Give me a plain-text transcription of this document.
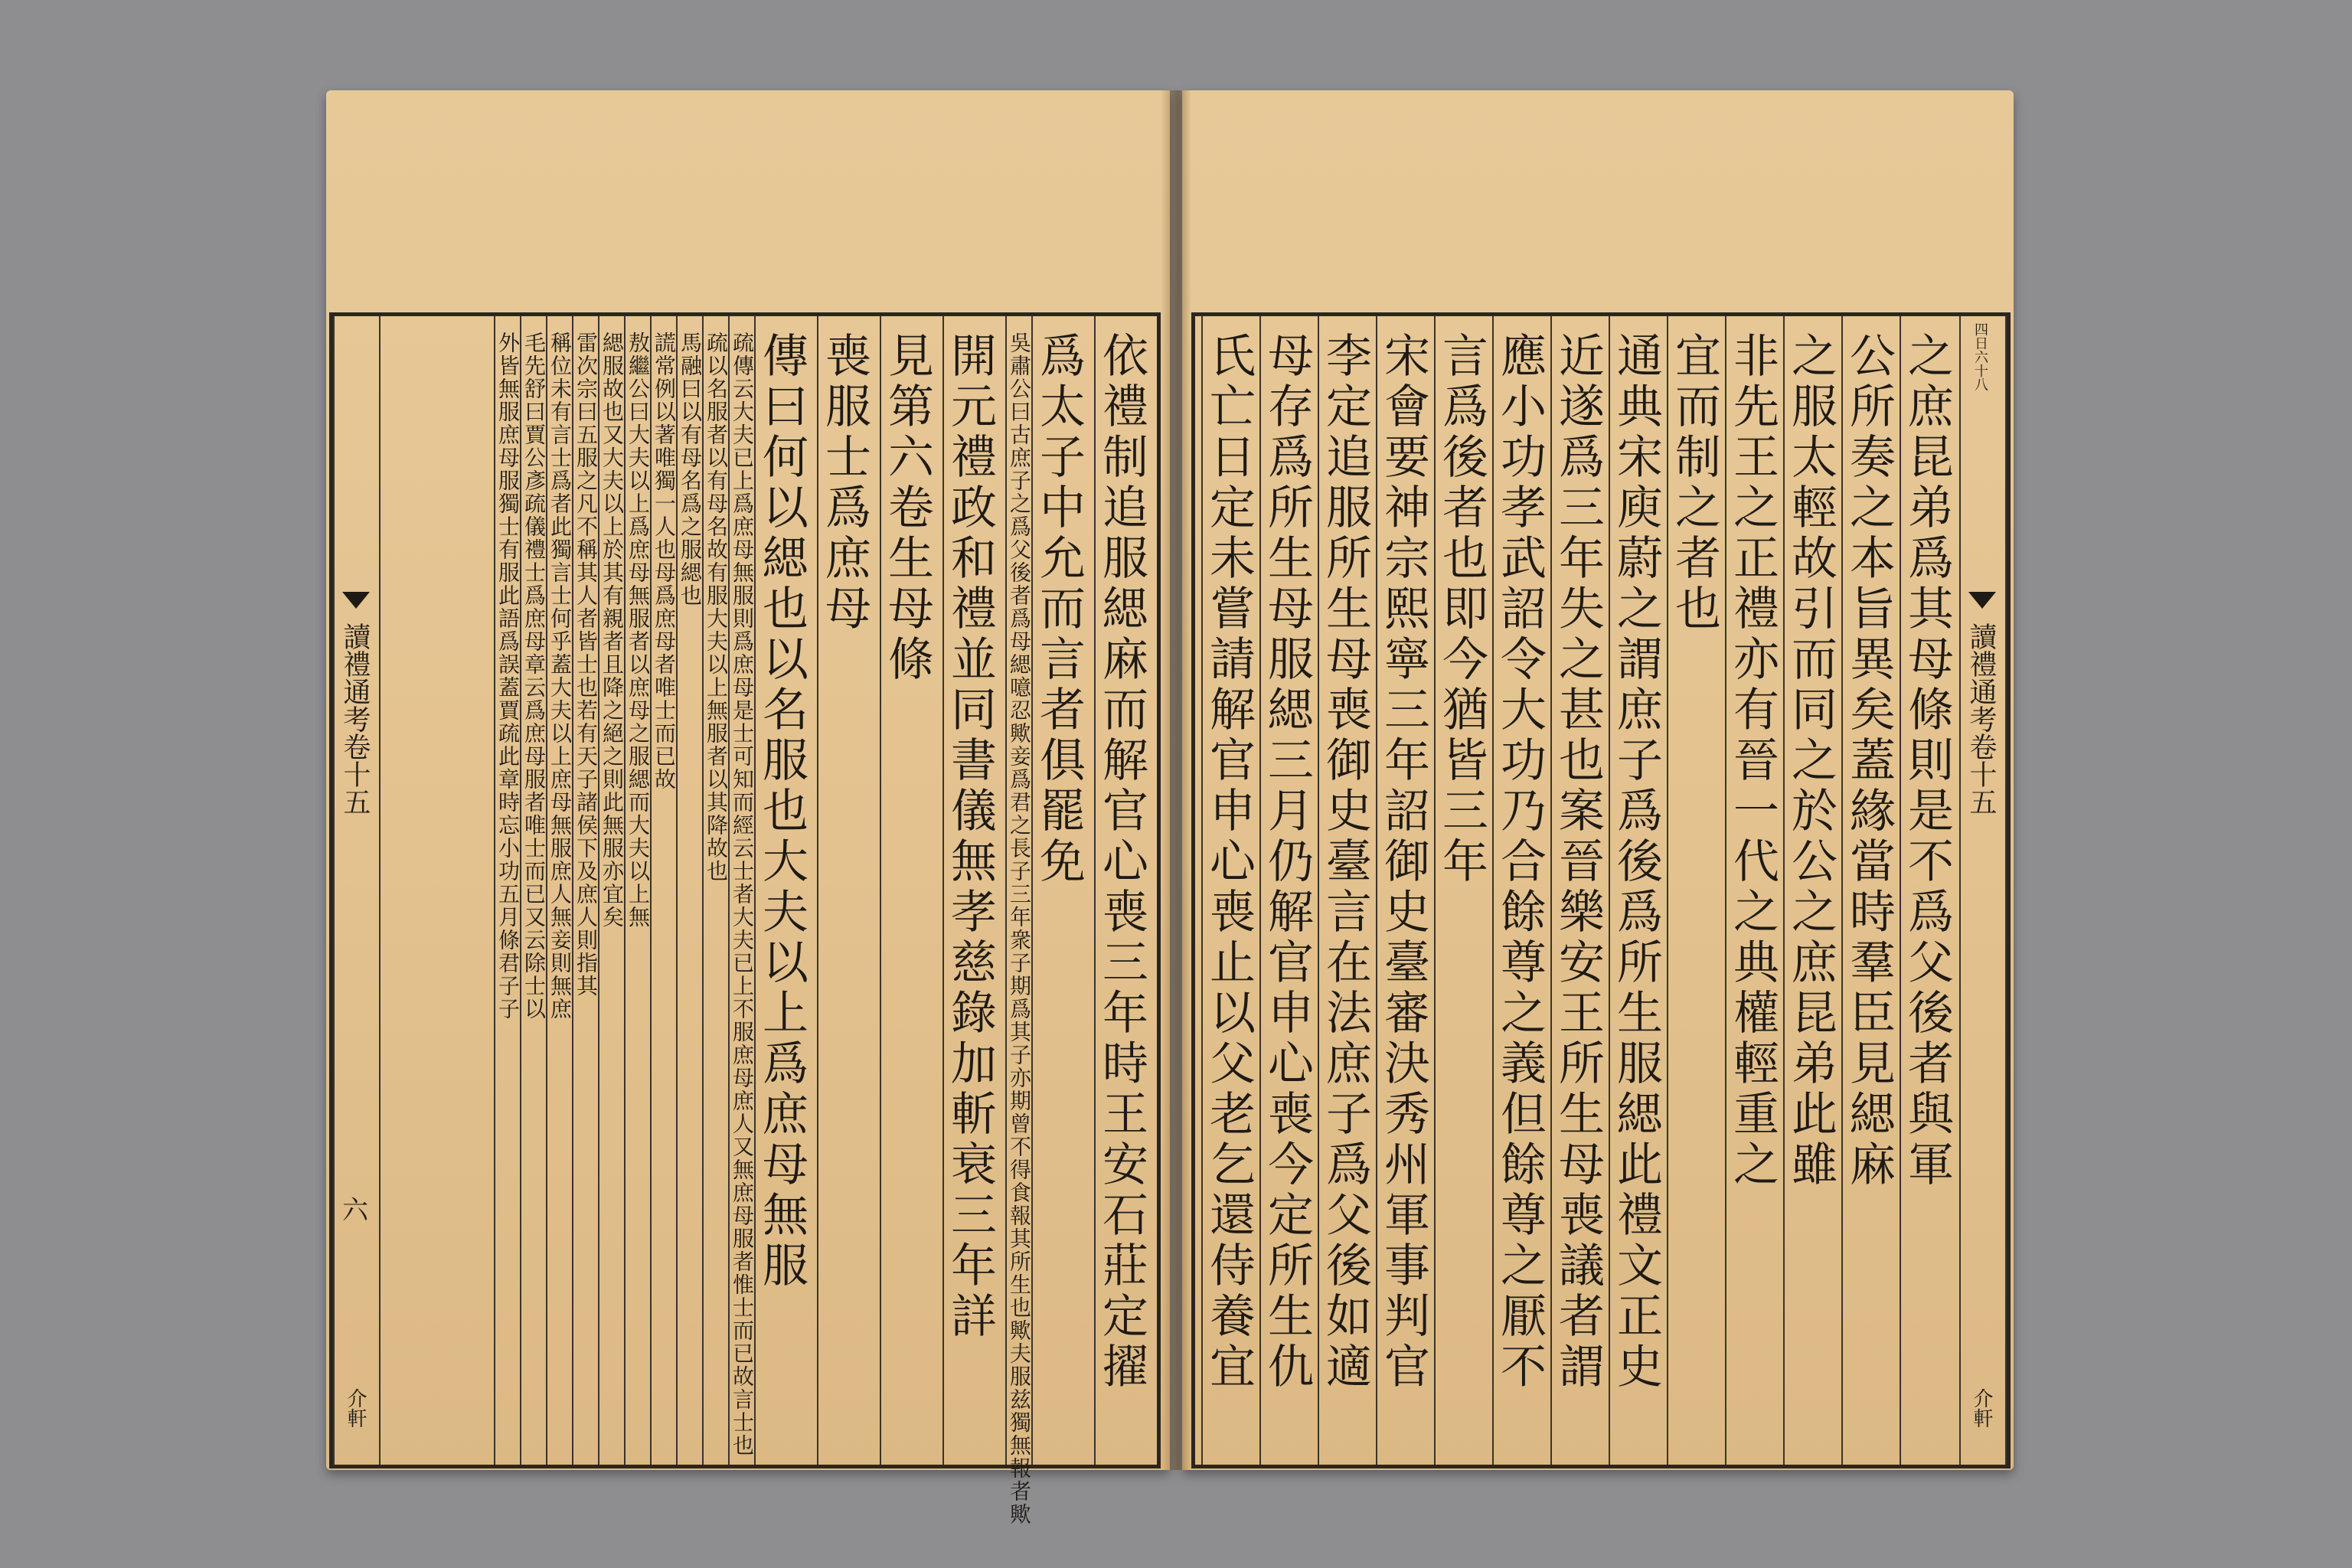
依禮制追服緦麻而解官心喪三年時王安石莊定擢
爲太子中允而言者俱罷免
吳肅公曰古庶子之爲父後者爲母緦噫忍歟妾爲君之長子三年衆子期爲其子亦期曾不得食報其所生也歟夫服兹獨無報者歟
開元禮政和禮並同書儀無孝慈錄加斬衰三年詳
見第六卷生母條
喪服士爲庶母
傳曰何以緦也以名服也大夫以上爲庶母無服
疏傳云大夫已上爲庶母無服則爲庶母是士可知而經云士者大夫已上不服庶母庶人又無庶母服者惟士而已故言士也
疏以名服者以有母名故有服大夫以上無服者以其降故也
馬融曰以有母名爲之服緦也
謊常例以著唯獨一人也母爲庶母者唯士而已故
敖繼公曰大夫以上爲庶母無服者以庶母之服緦而大夫以上無
緦服故也又大夫以上於其有親者且降之絕之則此無服亦宜矣
雷次宗曰五服之凡不稱其人者皆士也若有天子諸侯下及庶人則指其
稱位未有言士爲者此獨言士何乎蓋大夫以上庶母無服庶人無妾則無庶
毛先舒曰賈公彥疏儀禮士爲庶母章云爲庶母服者唯士而已又云除士以
外皆無服庶母服獨士有服此語爲誤蓋賈疏此章時忘小功五月條君子子
讀禮通考卷十五
六
介軒
之庶昆弟爲其母條則是不爲父後者與軍
公所奏之本旨異矣蓋緣當時羣臣見緦麻
之服太輕故引而同之於公之庶昆弟此雖
非先王之正禮亦有晉一代之典權輕重之
宜而制之者也
通典宋庾蔚之謂庶子爲後爲所生服緦此禮文正史
近遂爲三年失之甚也案晉樂安王所生母喪議者謂
應小功孝武詔令大功乃合餘尊之義但餘尊之厭不
言爲後者也即今猶皆三年
宋會要神宗熙寧三年詔御史臺審決秀州軍事判官
李定追服所生母喪御史臺言在法庶子爲父後如適
母存爲所生母服緦三月仍解官申心喪今定所生仇
氏亡日定未嘗請解官申心喪止以父老乞還侍養宜	讀禮通考卷十五
四日六十八
介軒
